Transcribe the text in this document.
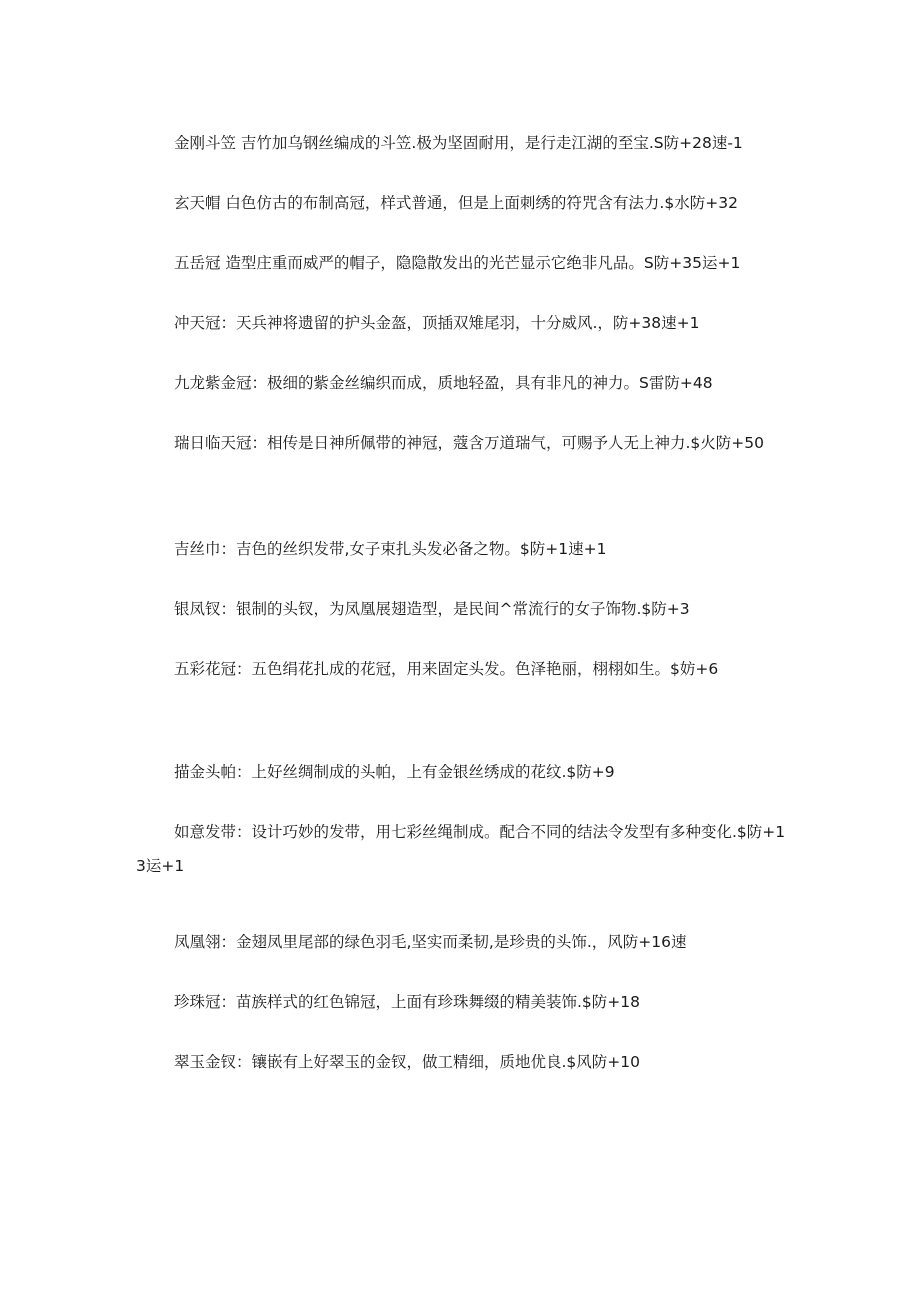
金刚斗笠 吉竹加乌钢丝编成的斗笠.极为坚固耐用，是行走江湖的至宝.S防+28速-1

玄天帽 白色仿古的布制高冠，样式普通，但是上面刺绣的符咒含有法力.$水防+32

五岳冠 造型庄重而威严的帽子，隐隐散发出的光芒显示它绝非凡品。S防+35运+1

冲天冠：天兵神将遗留的护头金盔，顶插双雉尾羽，十分威风.，防+38速+1

九龙紫金冠：极细的紫金丝编织而成，质地轻盈，具有非凡的神力。S雷防+48

瑞日临天冠：相传是日神所佩带的神冠，蔻含万道瑞气，可赐予人无上神力.$火防+50

吉丝巾：吉色的丝织发带,女子束扎头发必备之物。$防+1速+1

银凤钗：银制的头钗，为凤凰展翅造型，是民间^常流行的女子饰物.$防+3

五彩花冠：五色绢花扎成的花冠，用来固定头发。色泽艳丽，栩栩如生。$妨+6

描金头帕：上好丝绸制成的头帕，上有金银丝绣成的花纹.$防+9

如意发带：设计巧妙的发带，用七彩丝绳制成。配合不同的结法令发型有多种变化.$防+13运+1

凤凰翎：金翅凤里尾部的绿色羽毛,坚实而柔韧,是珍贵的头饰.，风防+16速

珍珠冠：苗族样式的红色锦冠，上面有珍珠舞缀的精美装饰.$防+18

翠玉金钗：镶嵌有上好翠玉的金钗，做工精细，质地优良.$风防+10
